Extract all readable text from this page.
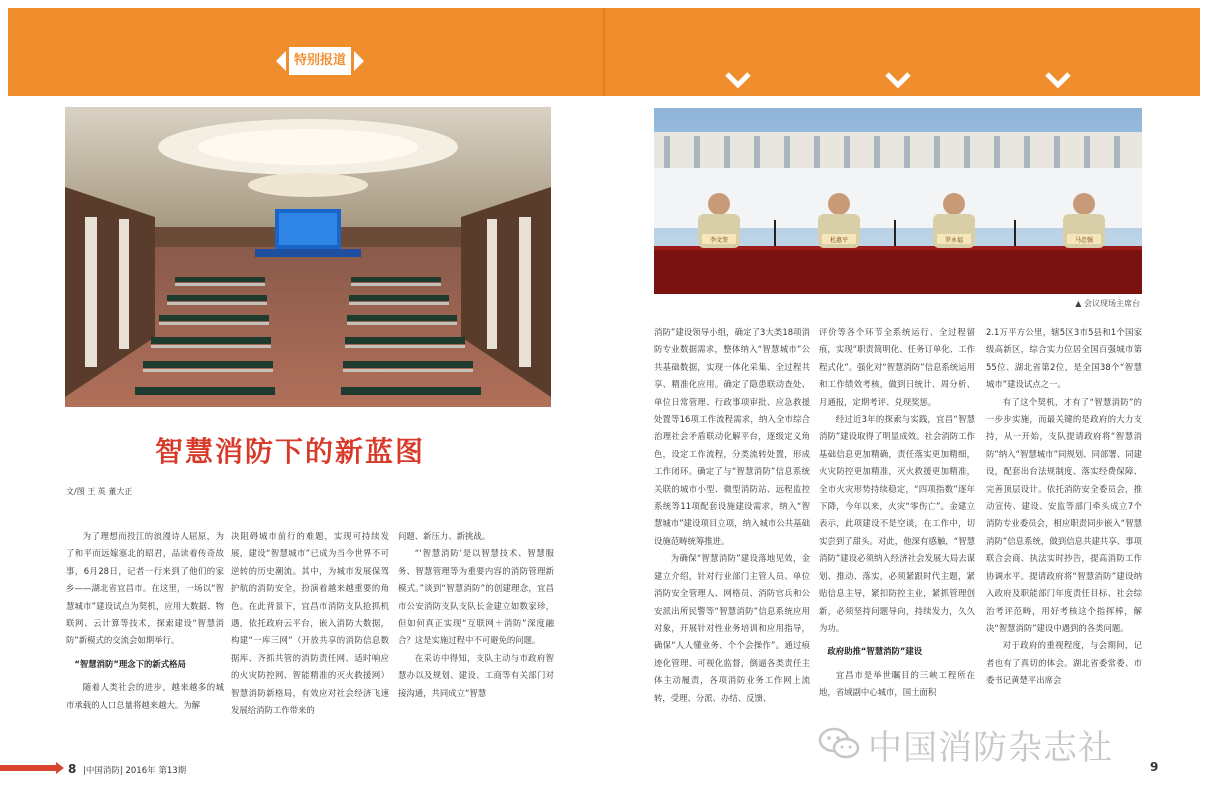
特别报道
李文奎	杜惠平	罗永福	马忠强
▲ 会议现场主席台
智慧消防下的新蓝图
文/图 王 英 董大正

为了理想而投江的浪漫诗人屈原，为了和平而远嫁塞北的昭君，品读着传奇故事，6月28日，记者一行来到了他们的家乡——湖北省宜昌市。在这里，一场以“智慧城市”建设试点为契机，应用大数据、物联网、云计算等技术，探索建设“智慧消防”新模式的交流会如期举行。

“智慧消防”理念下的新式格局

随着人类社会的进步，越来越多的城市承载的人口总量将越来越大。为解

决阻碍城市前行的难题，实现可持续发展，建设“智慧城市”已成为当今世界不可逆转的历史潮流。其中，为城市发展保驾护航的消防安全，扮演着越来越重要的角色。在此背景下，宜昌市消防支队抢抓机遇，依托政府云平台，嵌入消防大数据，构建“一库三网”（开放共享的消防信息数据库、齐抓共管的消防责任网、适时响应的火灾防控网、智能精准的灭火救援网）智慧消防新格局，有效应对社会经济飞速发展给消防工作带来的

问题、新压力、新挑战。

“‘智慧消防’是以智慧技术、智慧服务、智慧管理等为重要内容的消防管理新模式。”谈到“智慧消防”的创建理念，宜昌市公安消防支队支队长金建立如数家珍，但如何真正实现“互联网＋消防”深度融合？这是实施过程中不可避免的问题。

在采访中得知，支队主动与市政府智慧办以及规划、建设、工商等有关部门对接沟通，共同成立“智慧

消防”建设领导小组，确定了3大类18项消防专业数据需求，整体纳入“智慧城市”公共基础数据，实现一体化采集、全过程共享、精准化应用。确定了隐患联动查处、单位日常管理、行政事项审批、应急救援处置等16项工作流程需求，纳入全市综合治理社会矛盾联动化解平台，逐级定义角色，设定工作流程，分类流转处置，形成工作闭环。确定了与“智慧消防”信息系统关联的城市小型、微型消防站、远程监控系统等11项配套设施建设需求，纳入“智慧城市”建设项目立项，纳入城市公共基础设施范畴统筹推进。

为确保“智慧消防”建设落地见效，金建立介绍，针对行业部门主管人员、单位消防安全管理人、网格员、消防官兵和公安派出所民警等“智慧消防”信息系统应用对象，开展针对性业务培训和应用指导，确保“人人懂业务、个个会操作”。通过痕迹化管理、可视化监督，倒逼各类责任主体主动履责，各项消防业务工作网上流转，受理、分派、办结、反馈、

评价等各个环节全系统运行、全过程留痕，实现“职责简明化、任务订单化、工作程式化”。强化对“智慧消防”信息系统运用和工作绩效考核，做到日统计、周分析、月通报，定期考评、兑现奖惩。

经过近3年的探索与实践，宜昌“智慧消防”建设取得了明显成效。社会消防工作基础信息更加精确，责任落实更加精细，火灾防控更加精准，灭火救援更加精准，全市火灾形势持续稳定，“四项指数”逐年下降，今年以来，火灾“零伤亡”。金建立表示，此项建设不是空谈，在工作中，切实尝到了甜头。对此，他深有感触，“智慧消防”建设必须纳入经济社会发展大局去谋划、推动、落实，必须紧跟时代主题，紧贴信息主导，紧扣防控主业，紧抓管理创新，必须坚持问题导向，持续发力，久久为功。

政府助推“智慧消防”建设

宜昌市是举世瞩目的三峡工程所在地，省域副中心城市，国土面积

2.1万平方公里，辖5区3市5县和1个国家级高新区，综合实力位居全国百强城市第55位、湖北省第2位，是全国38个“智慧城市”建设试点之一。

有了这个契机，才有了“智慧消防”的一步步实施，而最关键的是政府的大力支持，从一开始，支队提请政府将“智慧消防”纳入“智慧城市”同规划、同部署、同建设，配套出台法规制度、落实经费保障、完善顶层设计。依托消防安全委员会，推动宣传、建设、安监等部门牵头成立7个消防专业委员会，相应职责同步嵌入“智慧消防”信息系统，做到信息共建共享、事项联合会商、执法实时抄告，提高消防工作协调水平。提请政府将“智慧消防”建设纳入政府及职能部门年度责任目标、社会综治考评范畴，用好考核这个指挥棒，解决“智慧消防”建设中遇到的各类问题。

对于政府的重视程度，与会期间，记者也有了真切的体会。湖北省委常委、市委书记黄楚平出席会

中国消防杂志社
8 |中国消防| 2016年 第13期	9
